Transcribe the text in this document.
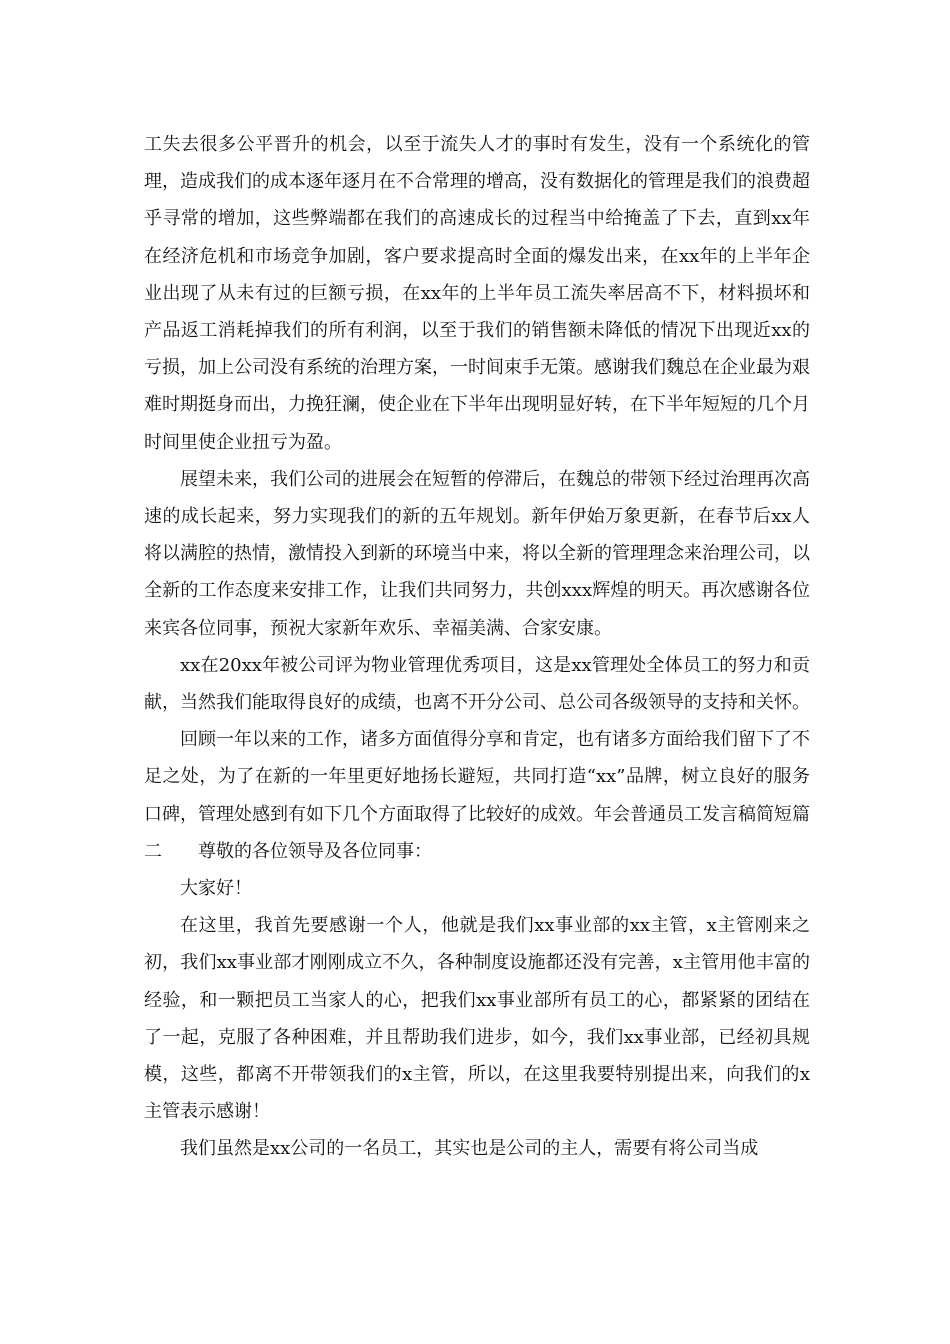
工失去很多公平晋升的机会，以至于流失人才的事时有发生，没有一个系统化的管理，造成我们的成本逐年逐月在不合常理的增高，没有数据化的管理是我们的浪费超乎寻常的增加，这些弊端都在我们的高速成长的过程当中给掩盖了下去，直到xx年在经济危机和市场竞争加剧，客户要求提高时全面的爆发出来，在xx年的上半年企业出现了从未有过的巨额亏损，在xx年的上半年员工流失率居高不下，材料损坏和产品返工消耗掉我们的所有利润，以至于我们的销售额未降低的情况下出现近xx的亏损，加上公司没有系统的治理方案，一时间束手无策。感谢我们魏总在企业最为艰难时期挺身而出，力挽狂澜，使企业在下半年出现明显好转，在下半年短短的几个月时间里使企业扭亏为盈。

展望未来，我们公司的进展会在短暂的停滞后，在魏总的带领下经过治理再次高速的成长起来，努力实现我们的新的五年规划。新年伊始万象更新，在春节后xx人将以满腔的热情，激情投入到新的环境当中来，将以全新的管理理念来治理公司，以全新的工作态度来安排工作，让我们共同努力，共创xxx辉煌的明天。再次感谢各位来宾各位同事，预祝大家新年欢乐、幸福美满、合家安康。

xx在20xx年被公司评为物业管理优秀项目，这是xx管理处全体员工的努力和贡献，当然我们能取得良好的成绩，也离不开分公司、总公司各级领导的支持和关怀。

回顾一年以来的工作，诸多方面值得分享和肯定，也有诸多方面给我们留下了不足之处，为了在新的一年里更好地扬长避短，共同打造“xx”品牌，树立良好的服务口碑，管理处感到有如下几个方面取得了比较好的成效。年会普通员工发言稿简短篇二 尊敬的各位领导及各位同事：

大家好！

在这里，我首先要感谢一个人，他就是我们xx事业部的xx主管，x主管刚来之初，我们xx事业部才刚刚成立不久，各种制度设施都还没有完善，x主管用他丰富的经验，和一颗把员工当家人的心，把我们xx事业部所有员工的心，都紧紧的团结在了一起，克服了各种困难，并且帮助我们进步，如今，我们xx事业部，已经初具规模，这些，都离不开带领我们的x主管，所以，在这里我要特别提出来，向我们的x主管表示感谢！

我们虽然是xx公司的一名员工，其实也是公司的主人，需要有将公司当成
